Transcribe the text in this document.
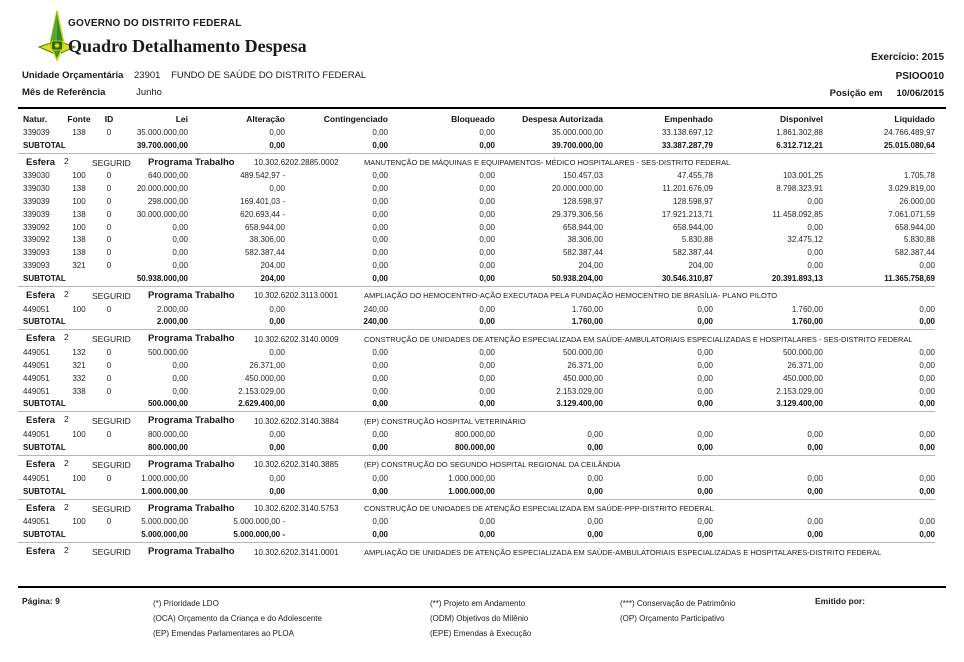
GOVERNO DO DISTRITO FEDERAL
Quadro Detalhamento Despesa
Exercício: 2015
Unidade Orçamentária 23901 FUNDO DE SAÚDE DO DISTRITO FEDERAL
Mês de Referência	Junho
PSIOO010
Posição em 10/06/2015
Natur.	Fonte	ID	Lei	Alteração	Contingenciado	Bloqueado	Despesa Autorizada	Empenhado	Disponível	Liquidado
339039	138	0	35.000.000,00	0,00	0,00	0,00	35.000.000,00	33.138.697,12	1.861.302,88	24.766.489,97
SUBTOTAL	39.700.000,00	0,00	0,00	0,00	39.700.000,00	33.387.287,79	6.312.712,21	25.015.080,64
Esfera	2	SEGURID	Programa Trabalho	10.302.6202.2885.0002	MANUTENÇÃO DE MÁQUINAS E EQUIPAMENTOS- MÉDICO HOSPITALARES - SES-DISTRITO FEDERAL
339030	100	0	640.000,00	489.542,97 -	0,00	0,00	150.457,03	47.455,78	103.001,25	1.705,78
339030	138	0	20.000.000,00	0,00	0,00	0,00	20.000.000,00	11.201.676,09	8.798.323,91	3.029.819,00
339039	100	0	298.000,00	169.401,03 -	0,00	0,00	128.598,97	128.598,97	0,00	26.000,00
339039	138	0	30.000.000,00	620.693,44 -	0,00	0,00	29.379.306,56	17.921.213,71	11.458.092,85	7.061.071,59
339092	100	0	0,00	658.944,00	0,00	0,00	658.944,00	658.944,00	0,00	658.944,00
339092	138	0	0,00	38.306,00	0,00	0,00	38.306,00	5.830,88	32.475,12	5.830,88
339093	138	0	0,00	582.387,44	0,00	0,00	582.387,44	582.387,44	0,00	582.387,44
339093	321	0	0,00	204,00	0,00	0,00	204,00	204,00	0,00	0,00
SUBTOTAL	50.938.000,00	204,00	0,00	0,00	50.938.204,00	30.546.310,87	20.391.893,13	11.365.758,69
Esfera	2	SEGURID	Programa Trabalho	10.302.6202.3113.0001	AMPLIAÇÃO DO HEMOCENTRO-AÇÃO EXECUTADA PELA FUNDAÇÃO HEMOCENTRO DE BRASÍLIA- PLANO PILOTO
449051	100	0	2.000,00	0,00	240,00	0,00	1.760,00	0,00	1.760,00	0,00
SUBTOTAL	2.000,00	0,00	240,00	0,00	1.760,00	0,00	1.760,00	0,00
Esfera	2	SEGURID	Programa Trabalho	10.302.6202.3140.0009	CONSTRUÇÃO DE UNIDADES DE ATENÇÃO ESPECIALIZADA EM SAÚDE-AMBULATORIAIS ESPECIALIZADAS E HOSPITALARES - SES-DISTRITO FEDERAL
449051	132	0	500.000,00	0,00	0,00	0,00	500.000,00	0,00	500.000,00	0,00
449051	321	0	0,00	26.371,00	0,00	0,00	26.371,00	0,00	26.371,00	0,00
449051	332	0	0,00	450.000,00	0,00	0,00	450.000,00	0,00	450.000,00	0,00
449051	338	0	0,00	2.153.029,00	0,00	0,00	2.153.029,00	0,00	2.153.029,00	0,00
SUBTOTAL	500.000,00	2.629.400,00	0,00	0,00	3.129.400,00	0,00	3.129.400,00	0,00
Esfera	2	SEGURID	Programa Trabalho	10.302.6202.3140.3884	(EP) CONSTRUÇÃO HOSPITAL VETERINÁRIO
449051	100	0	800.000,00	0,00	0,00	800.000,00	0,00	0,00	0,00	0,00
SUBTOTAL	800.000,00	0,00	0,00	800.000,00	0,00	0,00	0,00	0,00
Esfera	2	SEGURID	Programa Trabalho	10.302.6202.3140.3885	(EP) CONSTRUÇÃO DO SEGUNDO HOSPITAL REGIONAL DA CEILÂNDIA
449051	100	0	1.000.000,00	0,00	0,00	1.000.000,00	0,00	0,00	0,00	0,00
SUBTOTAL	1.000.000,00	0,00	0,00	1.000.000,00	0,00	0,00	0,00	0,00
Esfera	2	SEGURID	Programa Trabalho	10.302.6202.3140.5753	CONSTRUÇÃO DE UNIDADES DE ATENÇÃO ESPECIALIZADA EM SAÚDE-PPP-DISTRITO FEDERAL
449051	100	0	5.000.000,00	5.000.000,00 -	0,00	0,00	0,00	0,00	0,00	0,00
SUBTOTAL	5.000.000,00	5.000.000,00 -	0,00	0,00	0,00	0,00	0,00	0,00
Esfera	2	SEGURID	Programa Trabalho	10.302.6202.3141.0001	AMPLIAÇÃO DE UNIDADES DE ATENÇÃO ESPECIALIZADA EM SAÚDE-AMBULATORIAIS ESPECIALIZADAS E HOSPITALARES-DISTRITO FEDERAL
Página: 9	(*) Prioridade LDO
(OCA) Orçamento da Criança e do Adolescente
(EP) Emendas Parlamentares ao PLOA
(**) Projeto em Andamento
(ODM) Objetivos do Milênio
(EPE) Emendas à Execução
(***) Conservação de Patrimônio
(OP) Orçamento Participativo
Emitido por:
